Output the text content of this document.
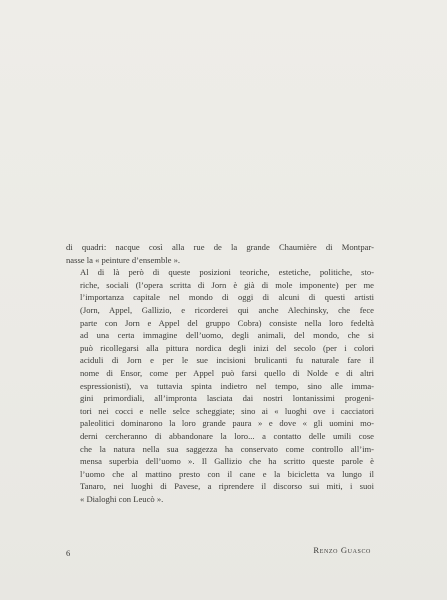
di quadri: nacque così alla rue de la grande Chaumière di Montpar-
nasse la « peinture d’ensemble ».

Al di là però di queste posizioni teoriche, estetiche, politiche, sto-
riche, sociali (l’opera scritta di Jorn è già di mole imponente) per me
l’importanza capitale nel mondo di oggi di alcuni di questi artisti
(Jorn, Appel, Gallizio, e ricorderei qui anche Alechinsky, che fece
parte con Jorn e Appel del gruppo Cobra) consiste nella loro fedeltà
ad una certa immagine dell’uomo, degli animali, del mondo, che si
può ricollegarsi alla pittura nordica degli inizi del secolo (per i colori
aciduli di Jorn e per le sue incisioni brulicanti fu naturale fare il
nome di Ensor, come per Appel può farsi quello di Nolde e di altri
espressionisti), va tuttavia spinta indietro nel tempo, sino alle imma-
gini primordiali, all’impronta lasciata dai nostri lontanissimi progeni-
tori nei cocci e nelle selce scheggiate; sino ai « luoghi ove i cacciatori
paleolitici dominarono la loro grande paura » e dove « gli uomini mo-
derni cercheranno di abbandonare la loro... a contatto delle umili cose
che la natura nella sua saggezza ha conservato come controllo all’im-
mensa superbia dell’uomo ». Il Gallizio che ha scritto queste parole è
l’uomo che al mattino presto con il cane e la bicicletta va lungo il
Tanaro, nei luoghi di Pavese, a riprendere il discorso sui miti, i suoi
« Dialoghi con Leucò ».

Renzo Guasco
6
